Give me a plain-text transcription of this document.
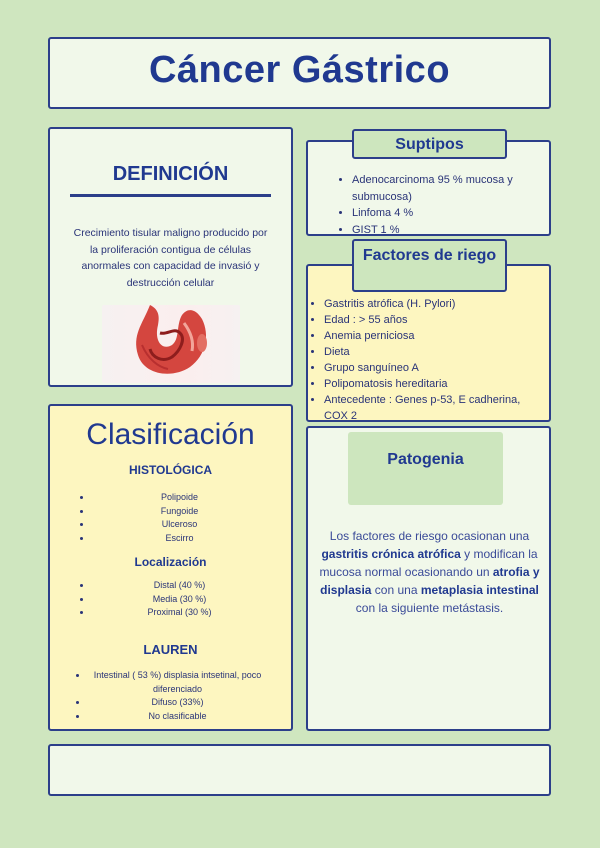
Cáncer Gástrico
DEFINICIÓN
Crecimiento tisular maligno producido por la proliferación contigua de células anormales con capacidad de invasió y destrucción celular
• Adenocarcinoma 95 % mucosa y submucosa)
• Linfoma 4 %
• GIST 1 %
Suptipos
• Gastritis atrófica (H. Pylori)
• Edad : > 55 años
• Anemia perniciosa
• Dieta
• Grupo sanguíneo A
• Polipomatosis hereditaria
• Antecedente : Genes p-53, E cadherina, COX 2
Factores de riego
Clasificación
HISTOLÓGICA
• Polipoide
• Fungoide
• Ulceroso
• Escirro
Localización
• Distal (40 %)
• Media (30 %)
• Proximal (30 %)
LAUREN
• Intestinal ( 53 %) displasia intsetinal, poco diferenciado
• Difuso (33%)
• No clasificable
Patogenia
Los factores de riesgo ocasionan una gastritis crónica atrófica y modifican la mucosa normal ocasionando un atrofia y displasia con una metaplasia intestinal con la siguiente metástasis.
